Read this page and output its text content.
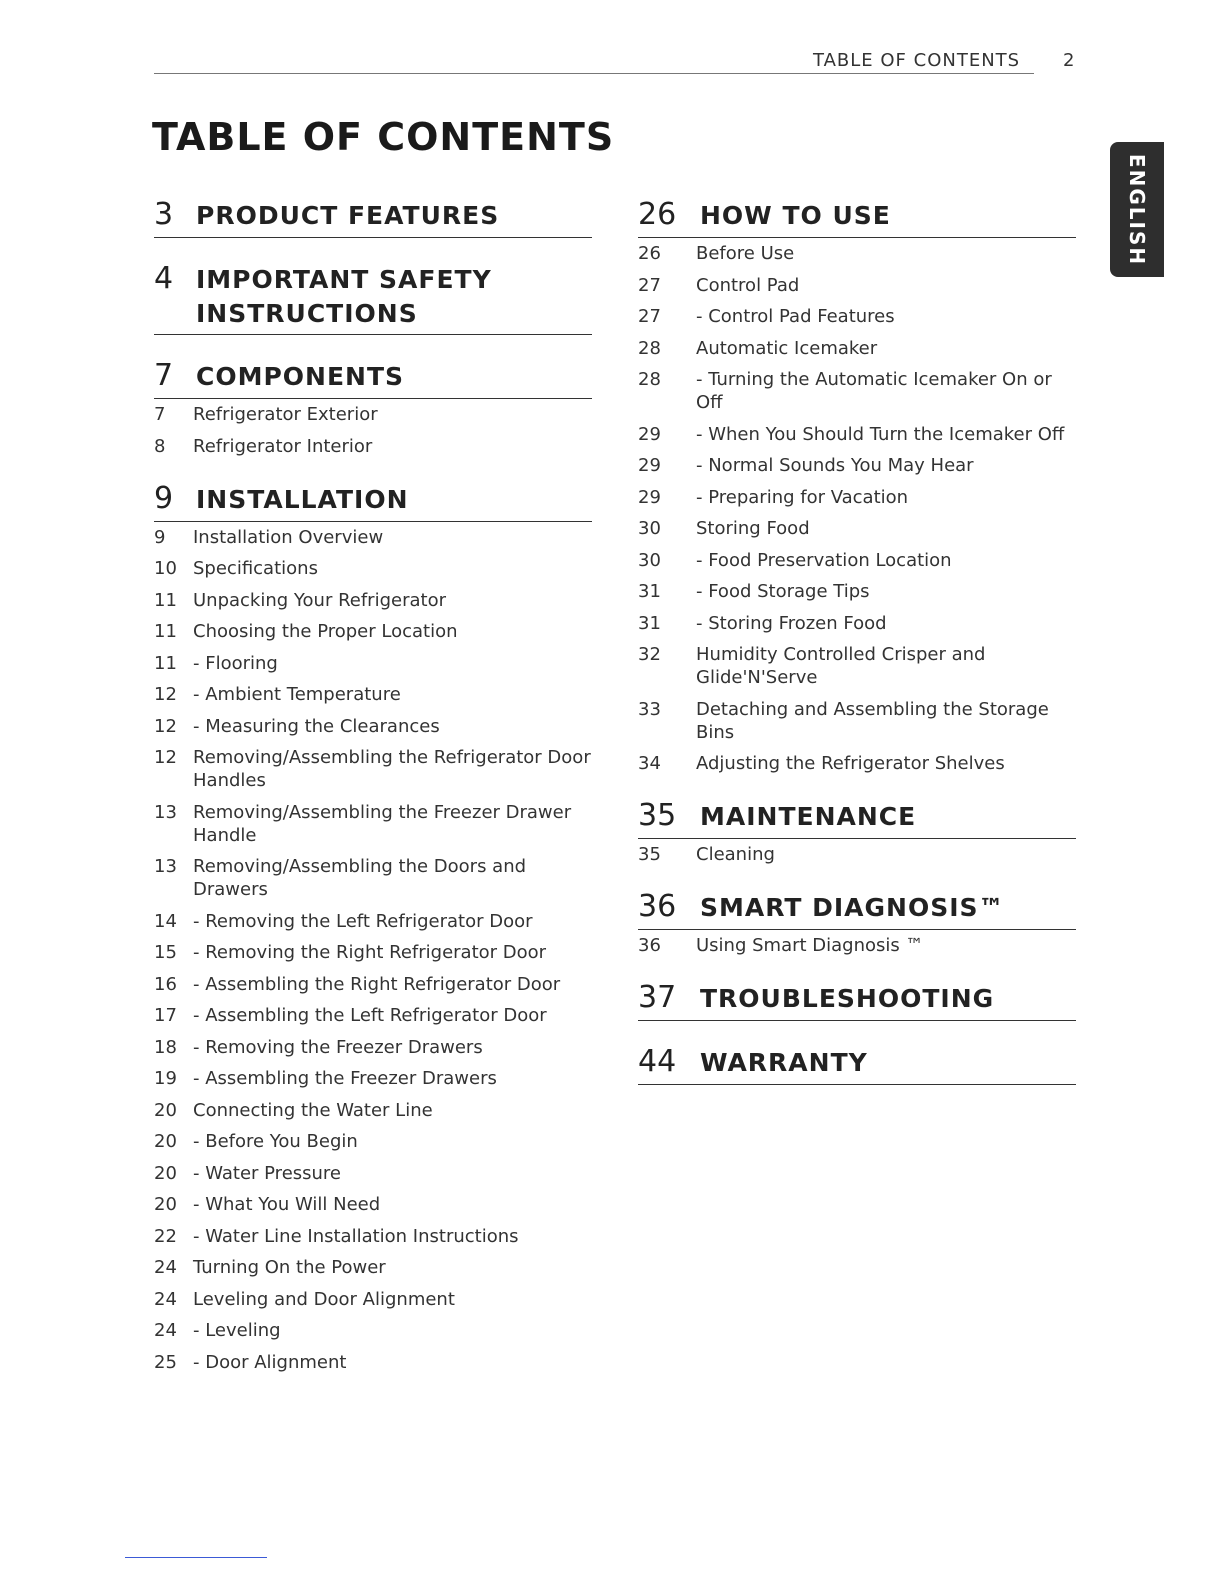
TABLE OF CONTENTS 2
TABLE OF CONTENTS
ENGLISH
3 PRODUCT FEATURES
4 IMPORTANT SAFETY INSTRUCTIONS
7 COMPONENTS
7	Refrigerator Exterior
8	Refrigerator Interior
9 INSTALLATION
9	Installation Overview
10 Specifications
11 Unpacking Your Refrigerator
11 Choosing the Proper Location
11 - Flooring
12 - Ambient Temperature
12 - Measuring the Clearances
12 Removing/Assembling the Refrigerator Door Handles
13 Removing/Assembling the Freezer Drawer Handle
13 Removing/Assembling the Doors and Drawers
14 - Removing the Left Refrigerator Door
15 - Removing the Right Refrigerator Door
16 - Assembling the Right Refrigerator Door
17 - Assembling the Left Refrigerator Door
18 - Removing the Freezer Drawers
19 - Assembling the Freezer Drawers
20 Connecting the Water Line
20 - Before You Begin
20 - Water Pressure
20 - What You Will Need
22 - Water Line Installation Instructions
24 Turning On the Power
24 Leveling and Door Alignment
24 - Leveling
25 - Door Alignment
26 HOW TO USE
26	Before Use
27	Control Pad
27	- Control Pad Features
28	Automatic Icemaker
28	- Turning the Automatic Icemaker On or Off
29	- When You Should Turn the Icemaker Off
29	- Normal Sounds You May Hear
29	- Preparing for Vacation
30	Storing Food
30	- Food Preservation Location
31	- Food Storage Tips
31	- Storing Frozen Food
32	Humidity Controlled Crisper and Glide'N'Serve
33	Detaching and Assembling the Storage Bins
34	Adjusting the Refrigerator Shelves
35 MAINTENANCE
35	Cleaning
36 SMART DIAGNOSIS™
36	Using Smart Diagnosis ™
37 TROUBLESHOOTING
44 WARRANTY
